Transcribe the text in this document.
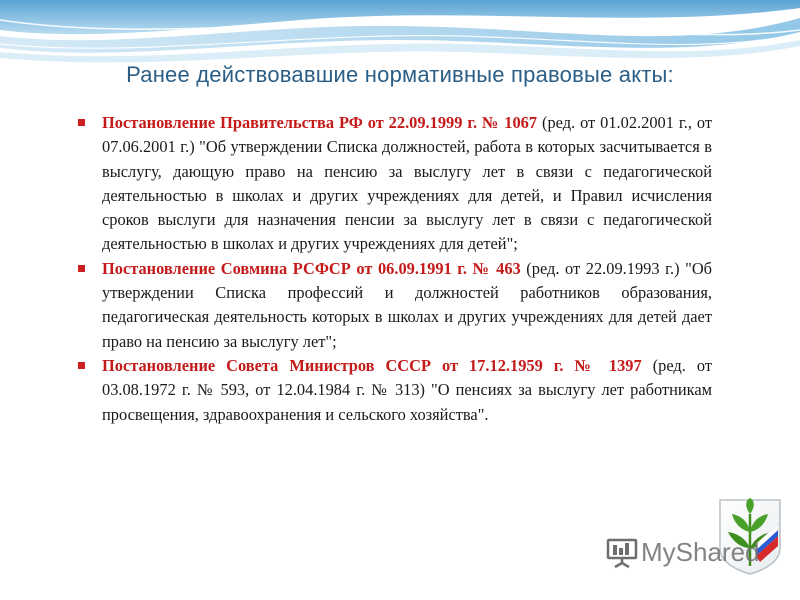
Ранее действовавшие нормативные правовые акты:
Постановление Правительства РФ от 22.09.1999 г. № 1067 (ред. от 01.02.2001 г., от 07.06.2001 г.) "Об утверждении Списка должностей, работа в которых засчитывается в выслугу, дающую право на пенсию за выслугу лет в связи с педагогической деятельностью в школах и других учреждениях для детей, и Правил исчисления сроков выслуги для назначения пенсии за выслугу лет в связи с педагогической деятельностью в школах и других учреждениях для детей";
Постановление Совмина РСФСР от 06.09.1991 г. № 463 (ред. от 22.09.1993 г.) "Об утверждении Списка профессий и должностей работников образования, педагогическая деятельность которых в школах и других учреждениях для детей дает право на пенсию за выслугу лет";
Постановление Совета Министров СССР от 17.12.1959 г. № 1397 (ред. от 03.08.1972 г. № 593, от 12.04.1984 г. № 313) "О пенсиях за выслугу лет работникам просвещения, здравоохранения и сельского хозяйства".
MyShared
